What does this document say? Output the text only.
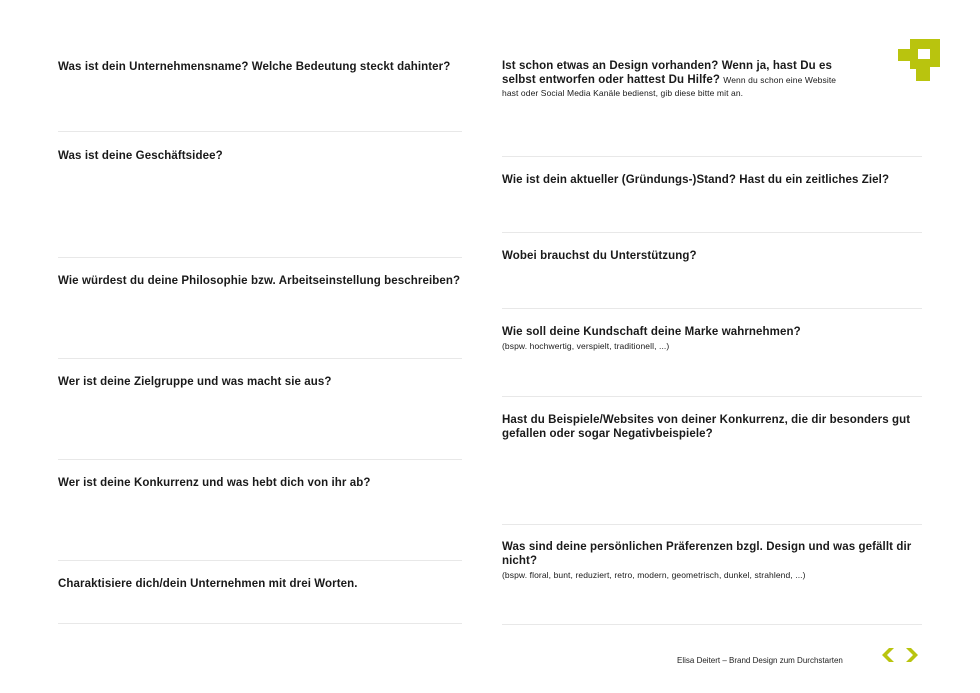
Was ist dein Unternehmensname? Welche Bedeutung steckt dahinter?
Was ist deine Geschäftsidee?
Wie würdest du deine Philosophie bzw. Arbeitseinstellung beschreiben?
Wer ist deine Zielgruppe und was macht sie aus?
Wer ist deine Konkurrenz und was hebt dich von ihr ab?
Charaktisiere dich/dein Unternehmen mit drei Worten.
Ist schon etwas an Design vorhanden? Wenn ja, hast Du es
selbst entworfen oder hattest Du Hilfe? Wenn du schon eine Website
hast oder Social Media Kanäle bedienst, gib diese bitte mit an.
Wie ist dein aktueller (Gründungs-)Stand? Hast du ein zeitliches Ziel?
Wobei brauchst du Unterstützung?
Wie soll deine Kundschaft deine Marke wahrnehmen?
(bspw. hochwertig, verspielt, traditionell, ...)
Hast du Beispiele/Websites von deiner Konkurrenz, die dir besonders gut
gefallen oder sogar Negativbeispiele?
Was sind deine persönlichen Präferenzen bzgl. Design und was gefällt dir nicht?
(bspw. floral, bunt, reduziert, retro, modern, geometrisch, dunkel, strahlend, ...)
Elisa Deitert – Brand Design zum Durchstarten
